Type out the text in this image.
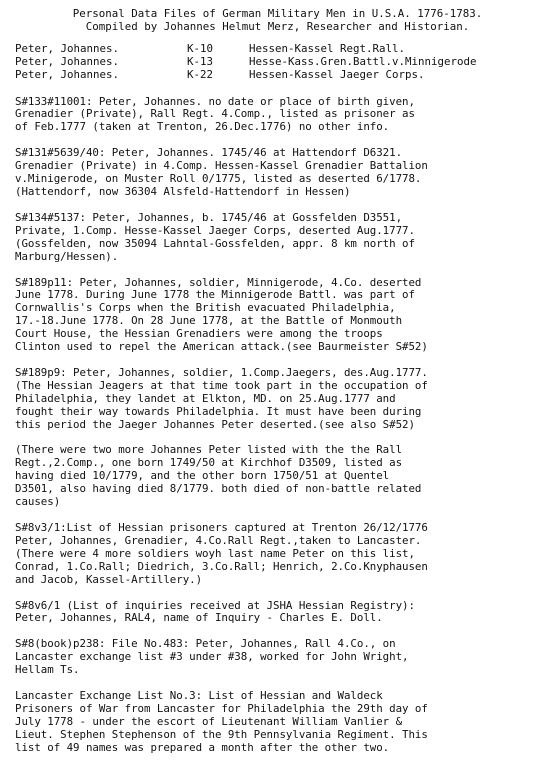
Personal Data Files of German Military Men in U.S.A. 1776-1783.
Compiled by Johannes Helmut Merz, Researcher and Historian.
Peter, Johannes.	K-10	Hessen-Kassel Regt.Rall.
Peter, Johannes.	K-13	Hesse-Kass.Gren.Battl.v.Minnigerode
Peter, Johannes.	K-22	Hessen-Kassel Jaeger Corps.
S#133#11001: Peter, Johannes. no date or place of birth given,
Grenadier (Private), Rall Regt. 4.Comp., listed as prisoner as
of Feb.1777 (taken at Trenton, 26.Dec.1776) no other info.
S#131#5639/40: Peter, Johannes. 1745/46 at Hattendorf D6321.
Grenadier (Private) in 4.Comp. Hessen-Kassel Grenadier Battalion
v.Minigerode, on Muster Roll 0/1775, listed as deserted 6/1778.
(Hattendorf, now 36304 Alsfeld-Hattendorf in Hessen)
S#134#5137: Peter, Johannes, b. 1745/46 at Gossfelden D3551,
Private, 1.Comp. Hesse-Kassel Jaeger Corps, deserted Aug.1777.
(Gossfelden, now 35094 Lahntal-Gossfelden, appr. 8 km north of
Marburg/Hessen).
S#189p11: Peter, Johannes, soldier, Minnigerode, 4.Co. deserted
June 1778. During June 1778 the Minnigerode Battl. was part of
Cornwallis's Corps when the British evacuated Philadelphia,
17.-18.June 1778. On 28 June 1778, at the Battle of Monmouth
Court House, the Hessian Grenadiers were among the troops
Clinton used to repel the American attack.(see Baurmeister S#52)
S#189p9: Peter, Johannes, soldier, 1.Comp.Jaegers, des.Aug.1777.
(The Hessian Jeagers at that time took part in the occupation of
Philadelphia, they landet at Elkton, MD. on 25.Aug.1777 and
fought their way towards Philadelphia. It must have been during
this period the Jaeger Johannes Peter deserted.(see also S#52)
(There were two more Johannes Peter listed with the the Rall
Regt.,2.Comp., one born 1749/50 at Kirchhof D3509, listed as
having died 10/1779, and the other born 1750/51 at Quentel
D3501, also having died 8/1779. both died of non-battle related
causes)
S#8v3/1:List of Hessian prisoners captured at Trenton 26/12/1776
Peter, Johannes, Grenadier, 4.Co.Rall Regt.,taken to Lancaster.
(There were 4 more soldiers woyh last name Peter on this list,
Conrad, 1.Co.Rall; Diedrich, 3.Co.Rall; Henrich, 2.Co.Knyphausen
and Jacob, Kassel-Artillery.)
S#8v6/1 (List of inquiries received at JSHA Hessian Registry):
Peter, Johannes, RAL4, name of Inquiry - Charles E. Doll.
S#8(book)p238: File No.483: Peter, Johannes, Rall 4.Co., on
Lancaster exchange list #3 under #38, worked for John Wright,
Hellam Ts.
Lancaster Exchange List No.3: List of Hessian and Waldeck
Prisoners of War from Lancaster for Philadelphia the 29th day of
July 1778 - under the escort of Lieutenant William Vanlier &
Lieut. Stephen Stephenson of the 9th Pennsylvania Regiment. This
list of 49 names was prepared a month after the other two.
